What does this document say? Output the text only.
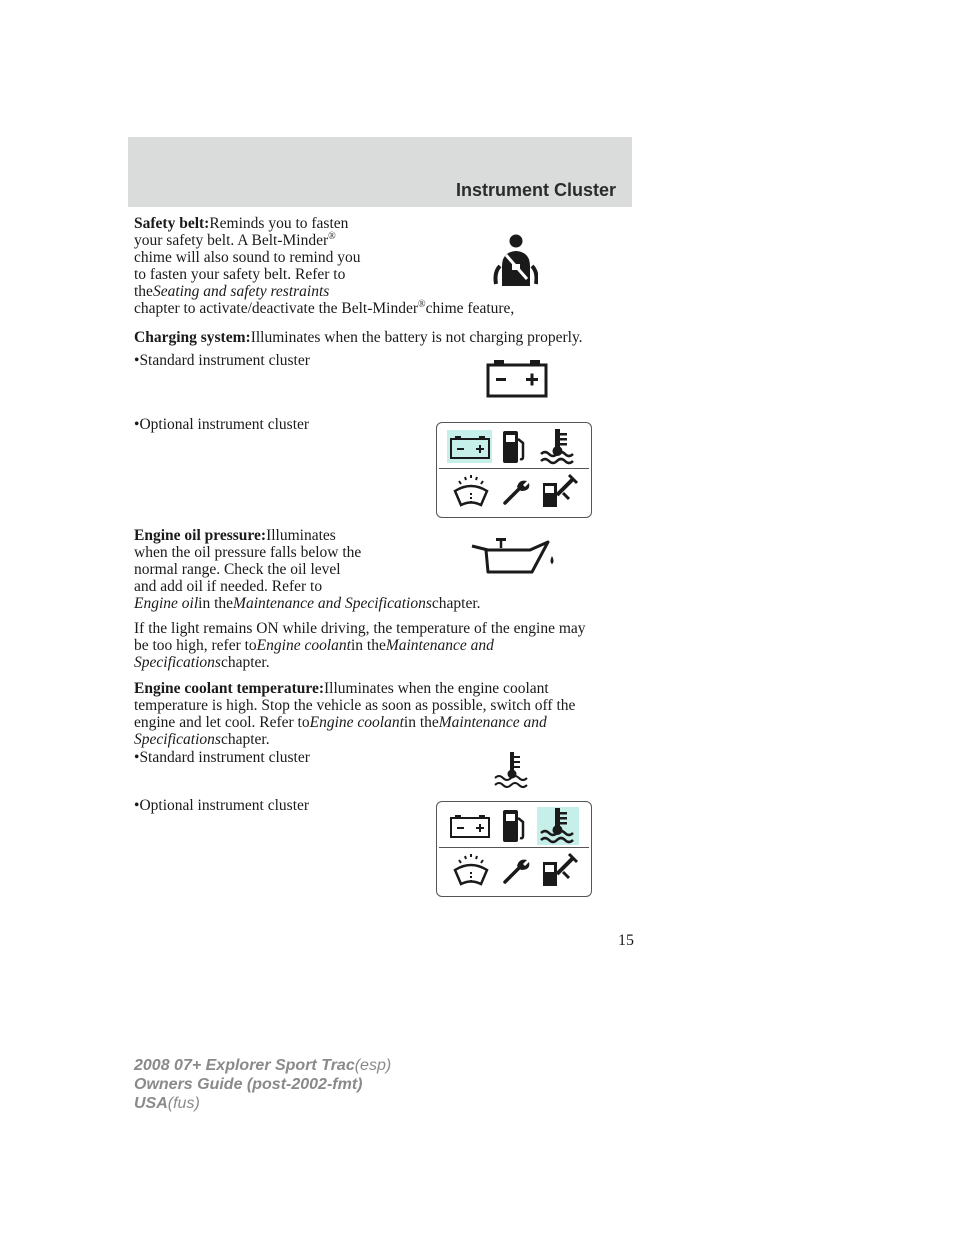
Instrument Cluster

Safety belt:Reminds you to fasten

your safety belt. A Belt-Minder®

chime will also sound to remind you

to fasten your safety belt. Refer to

theSeating and safety restraints

chapter to activate/deactivate the Belt-Minder®chime feature,

Charging system:Illuminates when the battery is not charging properly.

•Standard instrument cluster

•Optional instrument cluster

Engine oil pressure:Illuminates

when the oil pressure falls below the

normal range. Check the oil level

and add oil if needed. Refer to

Engine oilin theMaintenance and Specificationschapter.

If the light remains ON while driving, the temperature of the engine may

be too high, refer toEngine coolantin theMaintenance and

Specificationschapter.

Engine coolant temperature:Illuminates when the engine coolant

temperature is high. Stop the vehicle as soon as possible, switch off the

engine and let cool. Refer toEngine coolantin theMaintenance and

Specificationschapter.

•Standard instrument cluster

•Optional instrument cluster

15
2008 07+ Explorer Sport Trac(esp)
Owners Guide (post-2002-fmt)
USA(fus)
